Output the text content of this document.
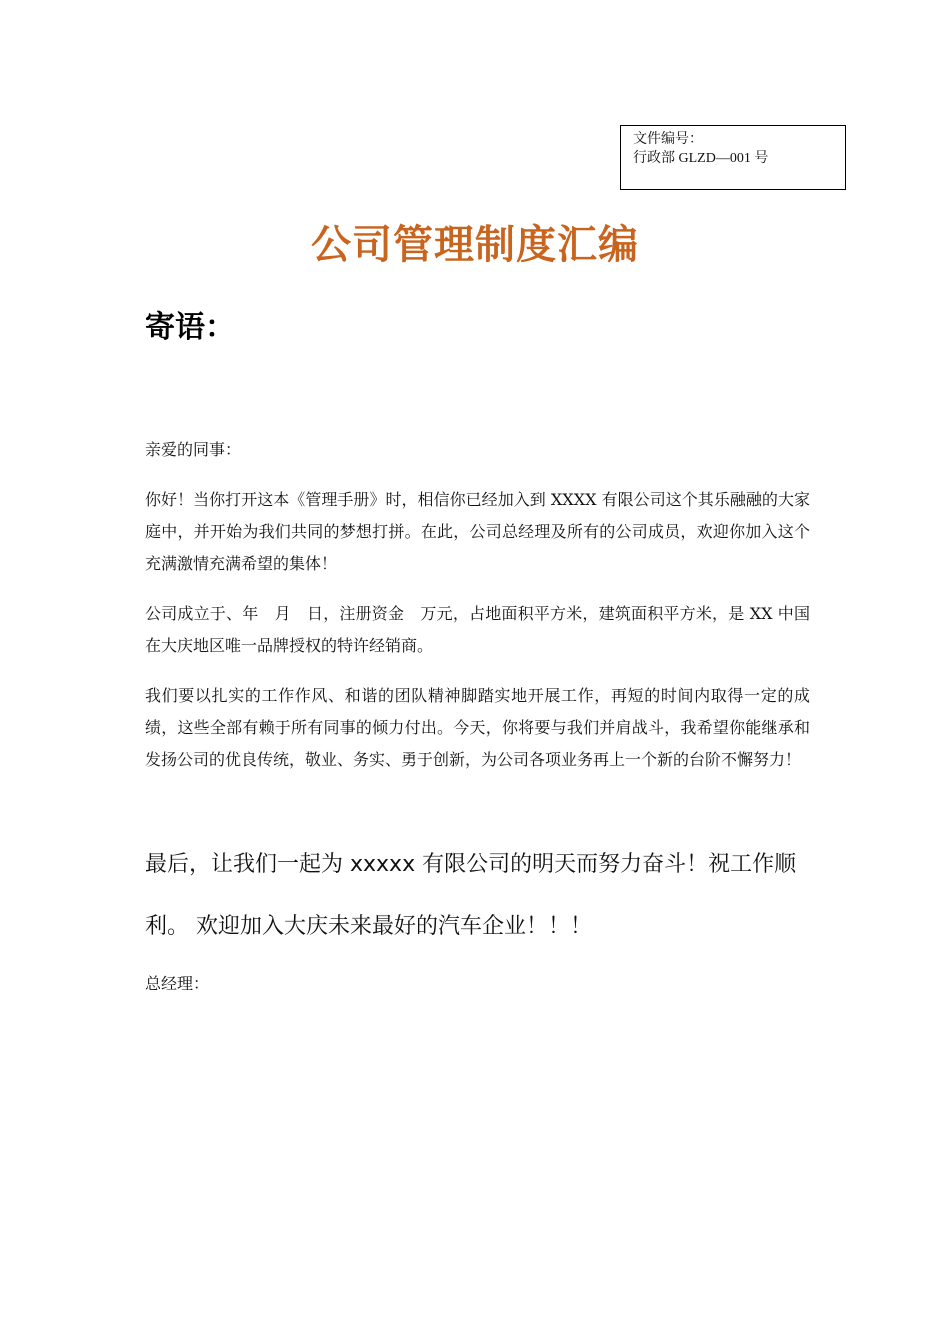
文件编号：
行政部 GLZD—001 号
公司管理制度汇编
寄语：

亲爱的同事：

你好！当你打开这本《管理手册》时，相信你已经加入到 XXXX 有限公司这个其乐融融的大家庭中，并开始为我们共同的梦想打拼。在此，公司总经理及所有的公司成员，欢迎你加入这个充满激情充满希望的集体！

公司成立于、年　月　日，注册资金　万元，占地面积平方米，建筑面积平方米，是 XX 中国在大庆地区唯一品牌授权的特许经销商。

我们要以扎实的工作作风、和谐的团队精神脚踏实地开展工作，再短的时间内取得一定的成绩，这些全部有赖于所有同事的倾力付出。今天，你将要与我们并肩战斗，我希望你能继承和发扬公司的优良传统，敬业、务实、勇于创新，为公司各项业务再上一个新的台阶不懈努力！

最后，让我们一起为 xxxxx 有限公司的明天而努力奋斗！祝工作顺利。 欢迎加入大庆未来最好的汽车企业！！！

总经理：
